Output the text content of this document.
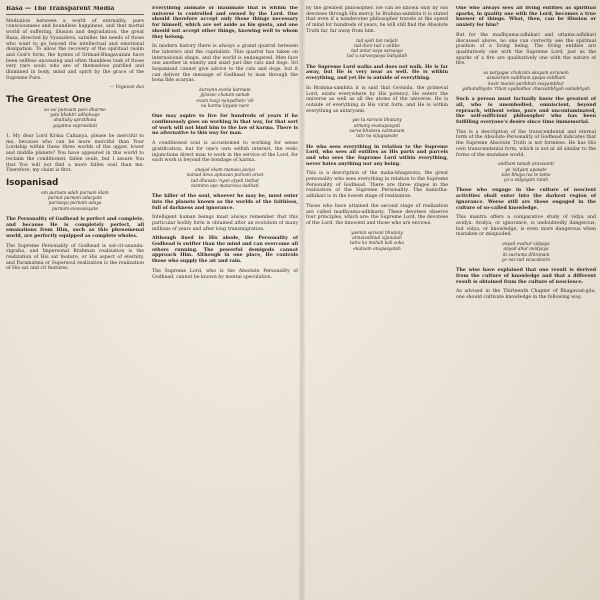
Rasa — The Transparent Media

Mediation between a world of eternality, pure consciousness and boundless happiness, and that mortal world of suffering, illusion and degradation, the great Rasa, directed by Vyasadeva, satisfies the needs of those who want to go beyond the intellectual and emotional dissipation. To allow the recovery of the spiritual realm and God's form, the hymns of Srimad-Bhagavatam have been selfless unceasing and often thankless task of those very rare souls who are of themselves purified and illumined in body, mind and spirit by the grace of the Supreme Pure.

— Vegavan das

The Greatest One

sa vai pumsam paro dharmo
yato bhaktir adhoksaje
ahaituky apratihata
yayatma suprasidati

1. My dear Lord Krsna Caitanya, please be merciful to me, because who can be more merciful than Your Lordship within these three worlds of the upper, lower and middle planets? You have appeared in this world to reclaim the conditioned, fallen souls, but I assure You that You will not find a more fallen soul than me. Therefore, my claim is first.

Isopanisad

om purnam adah purnam idam
purnat purnam udacyate
purnasya purnam adaya
purnam evavasisyate

The Personality of Godhead is perfect and complete, and because He is completely perfect, all emanations from Him, such as this phenomenal world, are perfectly equipped as complete wholes.

The Supreme Personality of Godhead is sat-cit-ananda-vigraha, and Impersonal Brahman realization is the realization of His sat feature, or His aspect of eternity, and Paramatma or Supersoul realization is the realization of His sat and cit features.

Everything animate or inanimate that is within the universe is controlled and owned by the Lord. One should therefore accept only those things necessary for himself, which are set aside as his quota, and one should not accept other things, knowing well to whom they belong.

In modern history there is always a grand quarrel between the laborers and the capitalists. This quarrel has taken on international shape, and the world is endangered. Men face one another in enmity and snarl just like cats and dogs. Sri Isopanisad cannot give advice to the cats and dogs, but it can deliver the message of Godhead to man through the bona fide acaryas.

kurvann eveha karmani
jijivisec chatam samah
evam tvayi nanyatheto 'sti
na karma lipyate nare

One may aspire to live for hundreds of years if he continuously goes on working in that way, for that sort of work will not bind him to the law of karma. There is no alternative to this way for man.

A conditioned soul is accustomed to working for sense gratification, but for one's own selfish interest, the vedic injunctions direct man to work in the service of the Lord, for such work is beyond the bondage of karma.

anejad ekam manaso javiyo
nainad deva apnuvan purvam arsat
tad dhavato 'nyan atyeti tisthat
tasminn apo matarisva dadhati

The killer of the soul, whoever he may be, must enter into the planets known as the worlds of the faithless, full of darkness and ignorance.

Intelligent human beings must always remember that this particular bodily form is obtained after an evolution of many millions of years and after long transmigration.

Although fixed in His abode, the Personality of Godhead is swifter than the mind and can overcome all others running. The powerful demigods cannot approach Him. Although in one place, He controls those who supply the air and rain.

The Supreme Lord, who is the Absolute Personality of Godhead, cannot be known by mental speculation.

by the greatest philosopher. He can be known only by His devotees through His mercy. In Brahma-samhita it is stated that even if a nondevotee philosopher travels at the speed of mind for hundreds of years, he will still find the Absolute Truth far, far away from him.

tad ejati tan naijati
tad dure tad v antike
tad antar asya sarvasya
tad u sarvasyasya bahyatah

The Supreme Lord walks and does not walk. He is far away, but He is very near as well. He is within everything, and yet He is outside of everything.

In Brahma-samhita it is said that Govinda, the primeval Lord, exists everywhere by His potency. He enters the universe as well as all the atoms of the universe. He is outside of everything in His virat form, and He is within everything as antaryami.

yas tu sarvani bhutany
atmany evanupasyati
sarva-bhutesu catmanam
tato na vijugupsate

He who sees everything in relation to the Supreme Lord, who sees all entities as His parts and parcels and who sees the Supreme Lord within everything, never hates anything nor any being.

This is a description of the maha-bhagavata, the great personality who sees everything in relation to the Supreme Personality of Godhead. There are three stages in the realization of the Supreme Personality. The kanistha-adhikari is in the lowest stage of realization.

Those who have attained the second stage of realization are called madhyama-adhikaris. These devotees observe four principles, which are: the Supreme Lord, the devotees of the Lord, the innocent and those who are envious.

yasmin sarvani bhutany
atmaivabhud vijanatah
tatra ko mohah kah soka
ekatvam anupasyatah

One who always sees all living entities as spiritual sparks, in quality one with the Lord, becomes a true knower of things. What, then, can be illusion or anxiety for him?

But for the madhyama-adhikari and uttama-adhikari discussed above, no one can correctly see the spiritual position of a living being. The living entities are qualitatively one with the Supreme Lord, just as the sparks of a fire are qualitatively one with the nature of fire.

sa paryagac chukram akayam avranam
asnaviram suddham apapa-viddham
kavir manisi paribhuh svayambhur
yathatathyato 'rthan vyadadhac chasvatibhyah samabhyah

Such a person must factually know the greatest of all, who is unembodied, omniscient, beyond reproach, without veins, pure and uncontaminated, the self-sufficient philosopher who has been fulfilling everyone's desire since time immemorial.

This is a description of the transcendental and eternal form of the Absolute Personality of Godhead indicates that the Supreme Absolute Truth is not formless. He has His own transcendental form, which is not at all similar to the forms of the mundane world.

andham tamah pravisanti
ye 'vidyam upasate
tato bhuya iva te tamo
ya u vidyayam ratah

Those who engage in the culture of nescient activities shall enter into the darkest region of ignorance. Worse still are those engaged in the culture of so-called knowledge.

This mantra offers a comparative study of vidya and avidya. Avidya, or ignorance, is undoubtedly dangerous, but vidya, or knowledge, is even more dangerous when mistaken or misguided.

anyad evahur vidyaya
anyad ahur avidyaya
iti susruma dhiranam
ye nas tad vicacaksire

The wise have explained that one result is derived from the culture of knowledge and that a different result is obtained from the culture of nescience.

As advised in the Thirteenth Chapter of Bhagavad-gita, one should cultivate knowledge in the following way.
